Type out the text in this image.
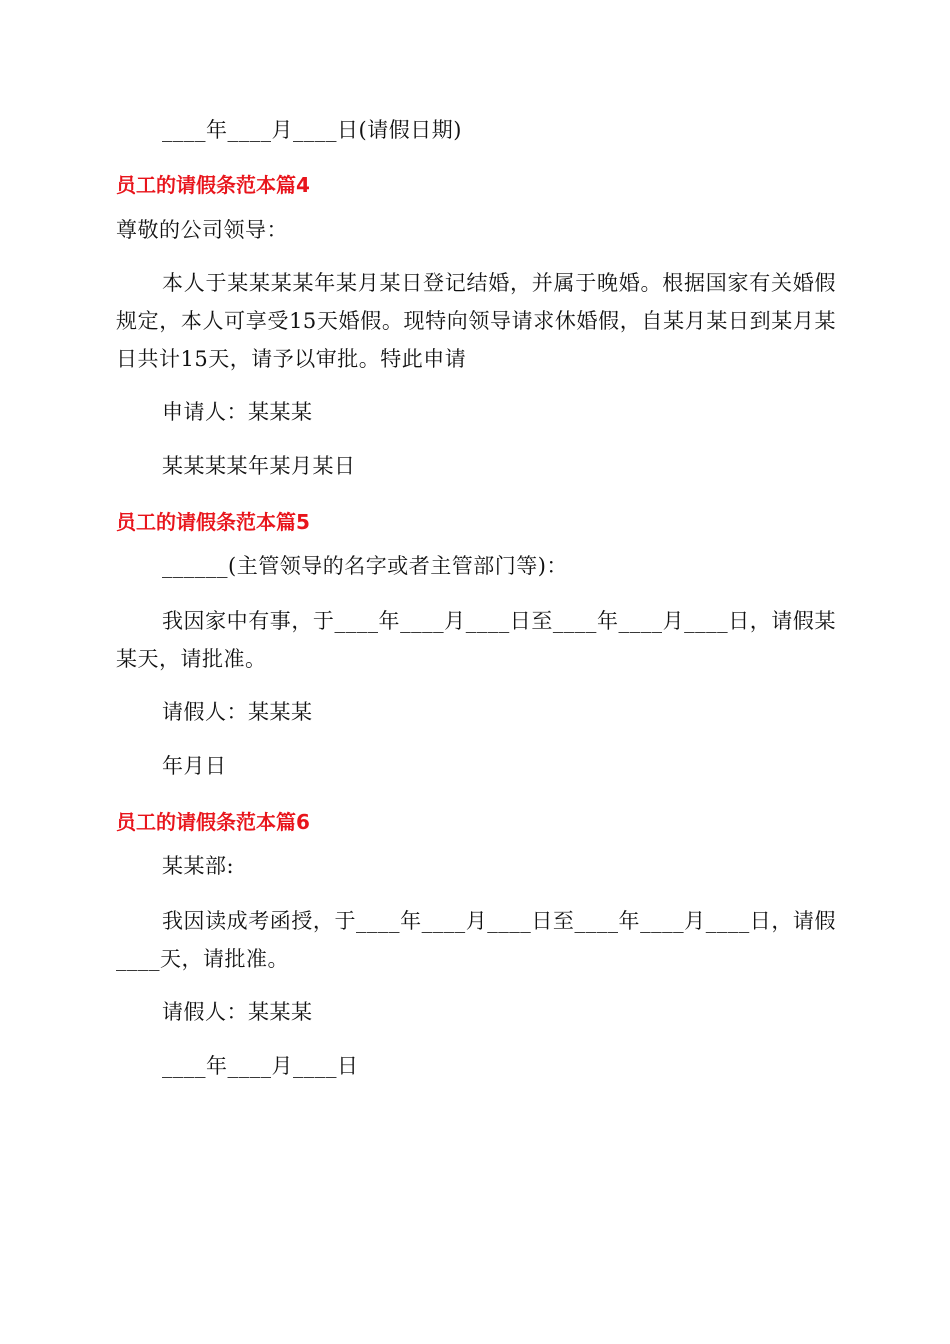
____年____月____日(请假日期)
员工的请假条范本篇4
尊敬的公司领导：
本人于某某某某年某月某日登记结婚，并属于晚婚。根据国家有关婚假规定，本人可享受15天婚假。现特向领导请求休婚假，自某月某日到某月某日共计15天，请予以审批。特此申请
申请人：某某某
某某某某年某月某日
员工的请假条范本篇5
______(主管领导的名字或者主管部门等)：
我因家中有事，于____年____月____日至____年____月____日，请假某某天，请批准。
请假人：某某某
年月日
员工的请假条范本篇6
某某部:
我因读成考函授，于____年____月____日至____年____月____日，请假____天，请批准。
请假人：某某某
____年____月____日
